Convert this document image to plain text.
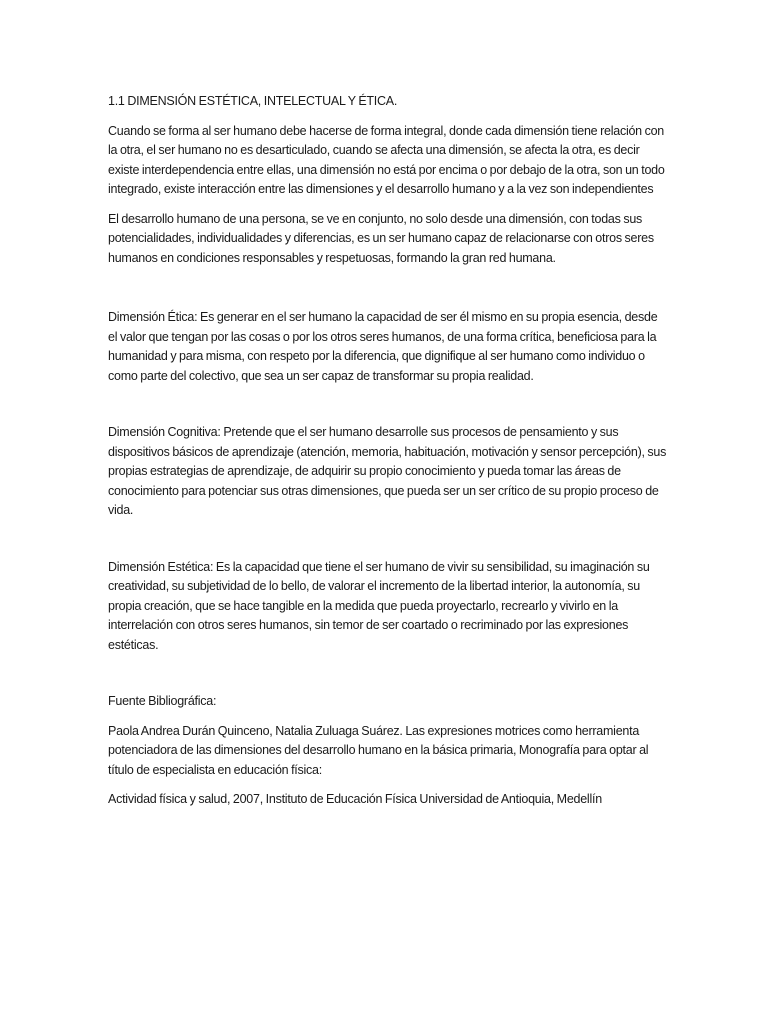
1.1 DIMENSIÓN ESTÉTICA, INTELECTUAL Y ÉTICA.

Cuando se forma al ser humano debe hacerse de forma integral, donde cada dimensión tiene relación con la otra, el ser humano no es desarticulado, cuando se afecta una dimensión, se afecta la otra, es decir existe interdependencia entre ellas, una dimensión no está por encima o por debajo de la otra, son un todo integrado, existe interacción entre las dimensiones y el desarrollo humano y a la vez son independientes

El desarrollo humano de una persona, se ve en conjunto, no solo desde una dimensión, con todas sus potencialidades, individualidades y diferencias, es un ser humano capaz de relacionarse con otros seres humanos en condiciones responsables y respetuosas, formando la gran red humana.

Dimensión Ética: Es generar en el ser humano la capacidad de ser él mismo en su propia esencia, desde el valor que tengan por las cosas o por los otros seres humanos, de una forma crítica, beneficiosa para la humanidad y para misma, con respeto por la diferencia, que dignifique al ser humano como individuo o como parte del colectivo, que sea un ser capaz de transformar su propia realidad.

Dimensión Cognitiva: Pretende que el ser humano desarrolle sus procesos de pensamiento y sus dispositivos básicos de aprendizaje (atención, memoria, habituación, motivación y sensor percepción), sus propias estrategias de aprendizaje, de adquirir su propio conocimiento y pueda tomar las áreas de conocimiento para potenciar sus otras dimensiones, que pueda ser un ser crítico de su propio proceso de vida.

Dimensión Estética: Es la capacidad que tiene el ser humano de vivir su sensibilidad, su imaginación su creatividad, su subjetividad de lo bello, de valorar el incremento de la libertad interior, la autonomía, su propia creación, que se hace tangible en la medida que pueda proyectarlo, recrearlo y vivirlo en la interrelación con otros seres humanos, sin temor de ser coartado o recriminado por las expresiones estéticas.

Fuente Bibliográfica:

Paola Andrea Durán Quinceno, Natalia Zuluaga Suárez. Las expresiones motrices como herramienta potenciadora de las dimensiones del desarrollo humano en la básica primaria, Monografía para optar al título de especialista en educación física:

Actividad física y salud, 2007, Instituto de Educación Física Universidad de Antioquia, Medellín
